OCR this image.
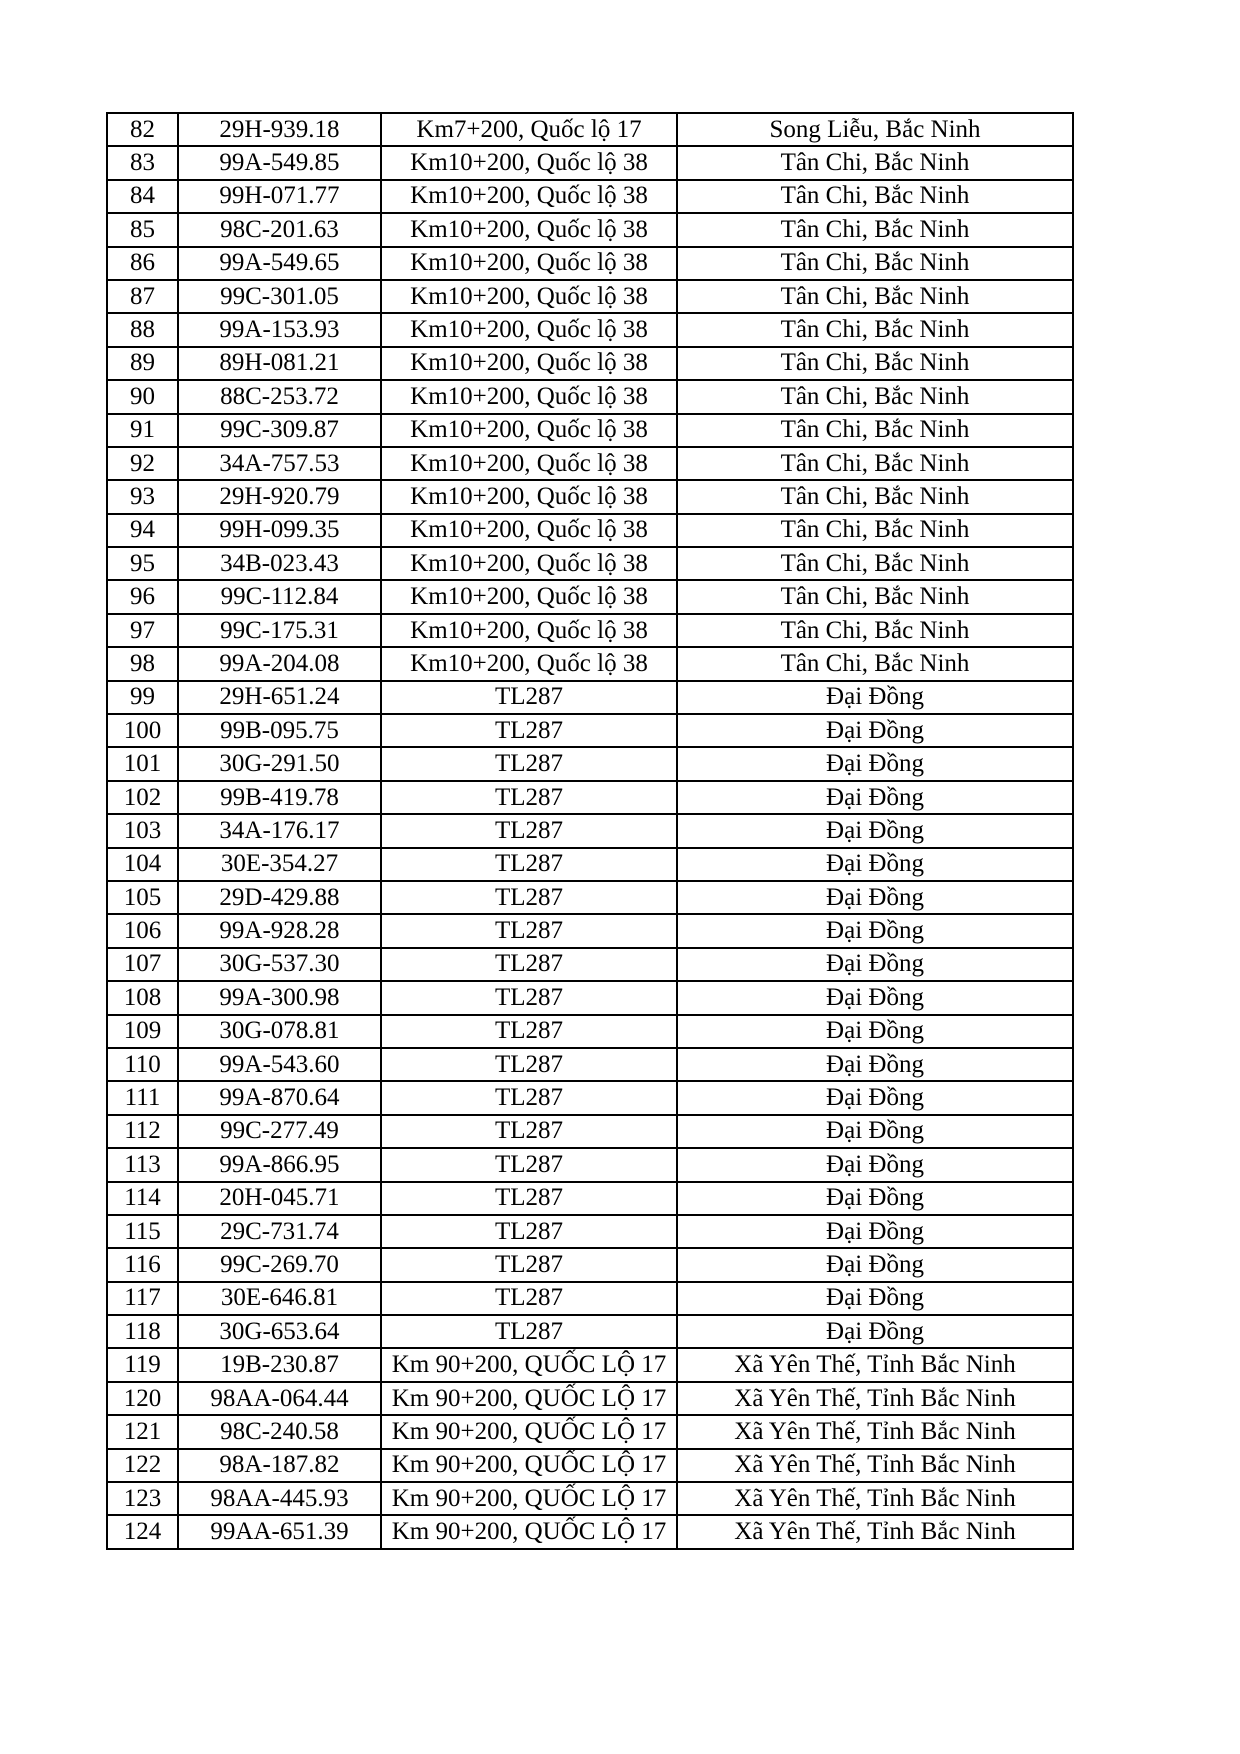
82	29H-939.18	Km7+200, Quốc lộ 17	Song Liễu, Bắc Ninh
83	99A-549.85	Km10+200, Quốc lộ 38	Tân Chi, Bắc Ninh
84	99H-071.77	Km10+200, Quốc lộ 38	Tân Chi, Bắc Ninh
85	98C-201.63	Km10+200, Quốc lộ 38	Tân Chi, Bắc Ninh
86	99A-549.65	Km10+200, Quốc lộ 38	Tân Chi, Bắc Ninh
87	99C-301.05	Km10+200, Quốc lộ 38	Tân Chi, Bắc Ninh
88	99A-153.93	Km10+200, Quốc lộ 38	Tân Chi, Bắc Ninh
89	89H-081.21	Km10+200, Quốc lộ 38	Tân Chi, Bắc Ninh
90	88C-253.72	Km10+200, Quốc lộ 38	Tân Chi, Bắc Ninh
91	99C-309.87	Km10+200, Quốc lộ 38	Tân Chi, Bắc Ninh
92	34A-757.53	Km10+200, Quốc lộ 38	Tân Chi, Bắc Ninh
93	29H-920.79	Km10+200, Quốc lộ 38	Tân Chi, Bắc Ninh
94	99H-099.35	Km10+200, Quốc lộ 38	Tân Chi, Bắc Ninh
95	34B-023.43	Km10+200, Quốc lộ 38	Tân Chi, Bắc Ninh
96	99C-112.84	Km10+200, Quốc lộ 38	Tân Chi, Bắc Ninh
97	99C-175.31	Km10+200, Quốc lộ 38	Tân Chi, Bắc Ninh
98	99A-204.08	Km10+200, Quốc lộ 38	Tân Chi, Bắc Ninh
99	29H-651.24	TL287	Đại Đồng
100	99B-095.75	TL287	Đại Đồng
101	30G-291.50	TL287	Đại Đồng
102	99B-419.78	TL287	Đại Đồng
103	34A-176.17	TL287	Đại Đồng
104	30E-354.27	TL287	Đại Đồng
105	29D-429.88	TL287	Đại Đồng
106	99A-928.28	TL287	Đại Đồng
107	30G-537.30	TL287	Đại Đồng
108	99A-300.98	TL287	Đại Đồng
109	30G-078.81	TL287	Đại Đồng
110	99A-543.60	TL287	Đại Đồng
111	99A-870.64	TL287	Đại Đồng
112	99C-277.49	TL287	Đại Đồng
113	99A-866.95	TL287	Đại Đồng
114	20H-045.71	TL287	Đại Đồng
115	29C-731.74	TL287	Đại Đồng
116	99C-269.70	TL287	Đại Đồng
117	30E-646.81	TL287	Đại Đồng
118	30G-653.64	TL287	Đại Đồng
119	19B-230.87	Km 90+200, QUỐC LỘ 17	Xã Yên Thế, Tỉnh Bắc Ninh
120	98AA-064.44	Km 90+200, QUỐC LỘ 17	Xã Yên Thế, Tỉnh Bắc Ninh
121	98C-240.58	Km 90+200, QUỐC LỘ 17	Xã Yên Thế, Tỉnh Bắc Ninh
122	98A-187.82	Km 90+200, QUỐC LỘ 17	Xã Yên Thế, Tỉnh Bắc Ninh
123	98AA-445.93	Km 90+200, QUỐC LỘ 17	Xã Yên Thế, Tỉnh Bắc Ninh
124	99AA-651.39	Km 90+200, QUỐC LỘ 17	Xã Yên Thế, Tỉnh Bắc Ninh
